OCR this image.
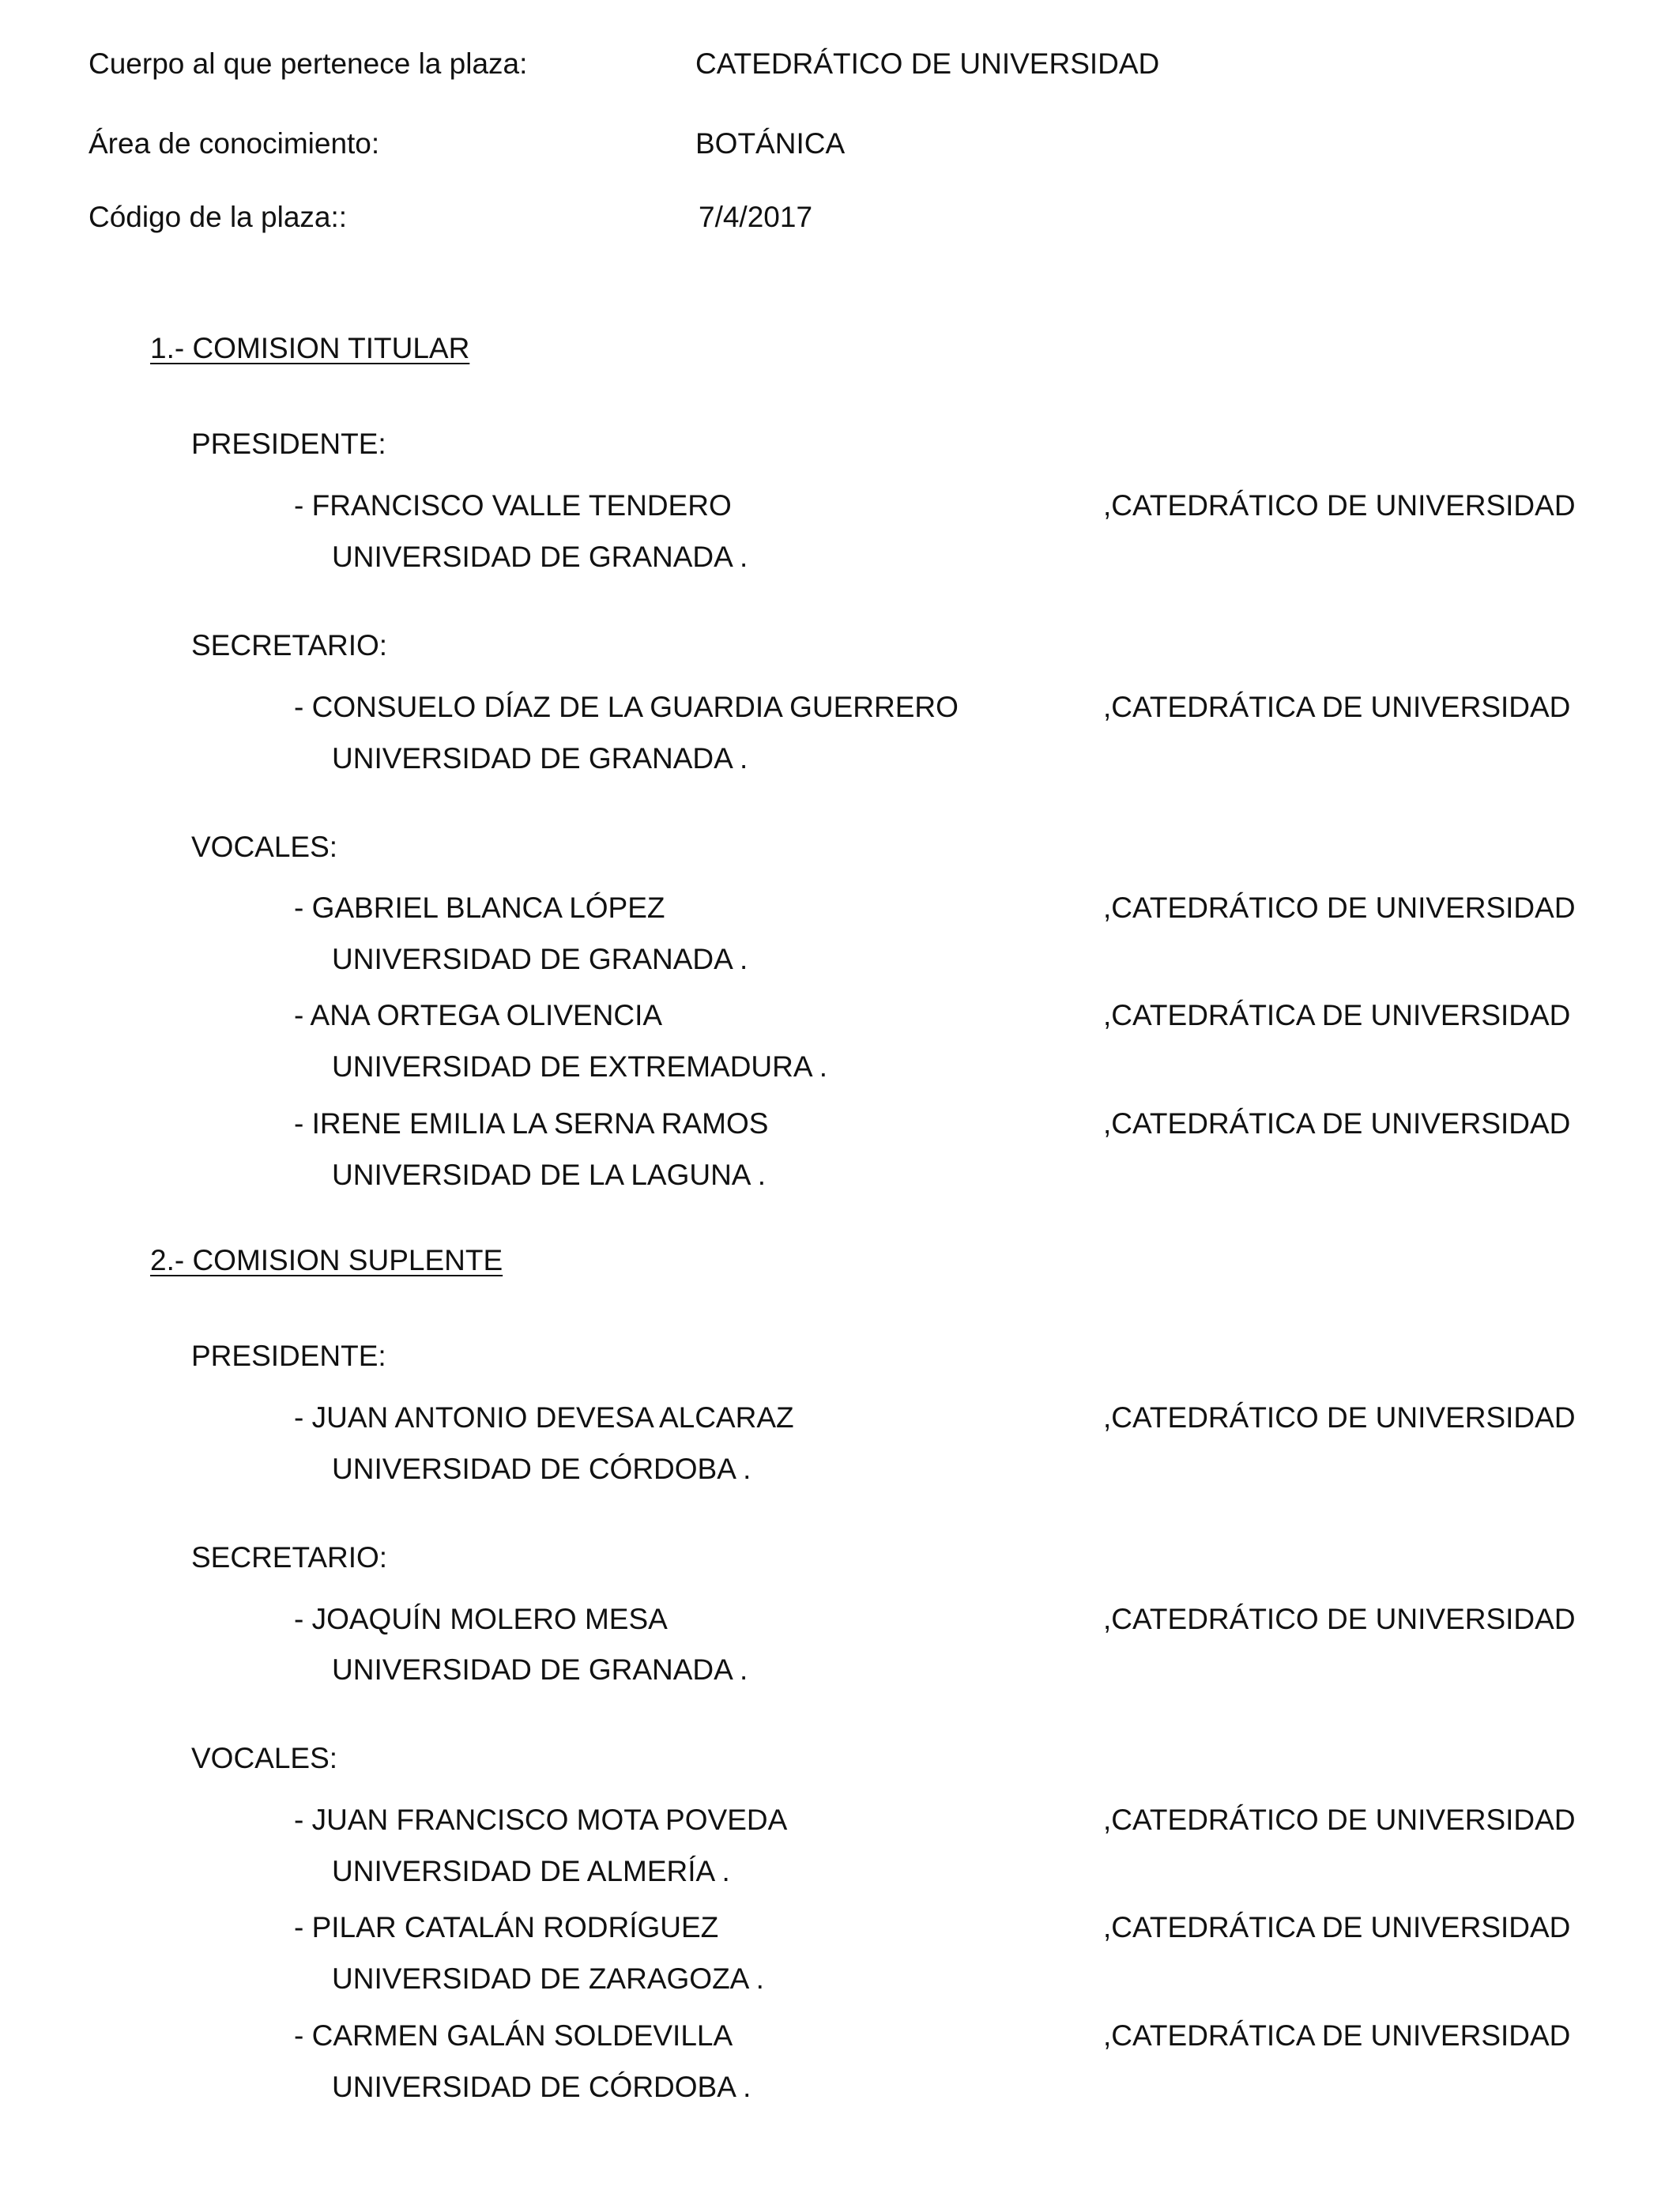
Cuerpo al que pertenece la plaza:	CATEDRÁTICO DE UNIVERSIDAD
Área de conocimiento:	BOTÁNICA
Código de la plaza::	7/4/2017
1.- COMISION TITULAR
PRESIDENTE:
- FRANCISCO VALLE TENDERO	,CATEDRÁTICO DE UNIVERSIDAD
UNIVERSIDAD DE GRANADA .
SECRETARIO:
- CONSUELO DÍAZ DE LA GUARDIA GUERRERO	,CATEDRÁTICA DE UNIVERSIDAD
UNIVERSIDAD DE GRANADA .
VOCALES:
- GABRIEL BLANCA LÓPEZ	,CATEDRÁTICO DE UNIVERSIDAD
UNIVERSIDAD DE GRANADA .
- ANA ORTEGA OLIVENCIA	,CATEDRÁTICA DE UNIVERSIDAD
UNIVERSIDAD DE EXTREMADURA .
- IRENE EMILIA LA SERNA RAMOS	,CATEDRÁTICA DE UNIVERSIDAD
UNIVERSIDAD DE LA LAGUNA .
2.- COMISION SUPLENTE
PRESIDENTE:
- JUAN ANTONIO DEVESA ALCARAZ	,CATEDRÁTICO DE UNIVERSIDAD
UNIVERSIDAD DE CÓRDOBA .
SECRETARIO:
- JOAQUÍN MOLERO MESA	,CATEDRÁTICO DE UNIVERSIDAD
UNIVERSIDAD DE GRANADA .
VOCALES:
- JUAN FRANCISCO MOTA POVEDA	,CATEDRÁTICO DE UNIVERSIDAD
UNIVERSIDAD DE ALMERÍA .
- PILAR CATALÁN RODRÍGUEZ	,CATEDRÁTICA DE UNIVERSIDAD
UNIVERSIDAD DE ZARAGOZA .
- CARMEN GALÁN SOLDEVILLA	,CATEDRÁTICA DE UNIVERSIDAD
UNIVERSIDAD DE CÓRDOBA .
